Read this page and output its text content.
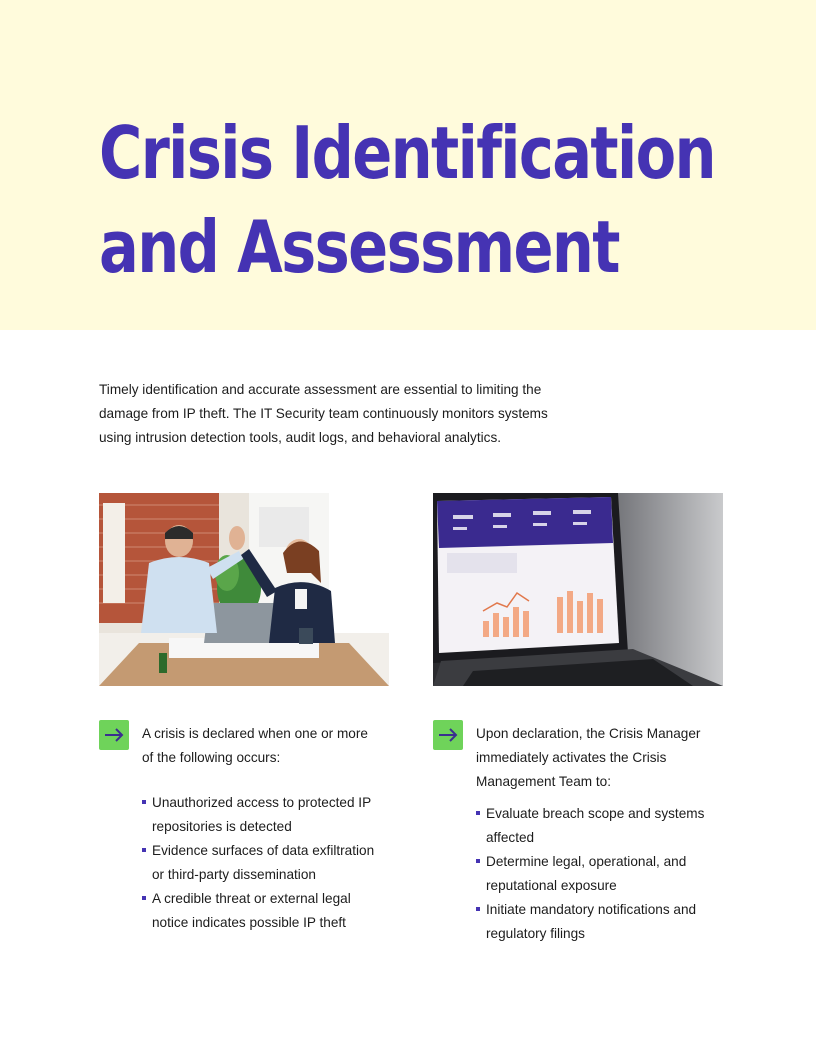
Crisis Identification
and Assessment

Timely identification and accurate assessment are essential to limiting the damage from IP theft. The IT Security team continuously monitors systems using intrusion detection tools, audit logs, and behavioral analytics.

A crisis is declared when one or more of the following occurs:

Unauthorized access to protected IP repositories is detected
Evidence surfaces of data exfiltration or third-party dissemination
A credible threat or external legal notice indicates possible IP theft

Upon declaration, the Crisis Manager immediately activates the Crisis Management Team to:

Evaluate breach scope and systems affected
Determine legal, operational, and reputational exposure
Initiate mandatory notifications and regulatory filings
